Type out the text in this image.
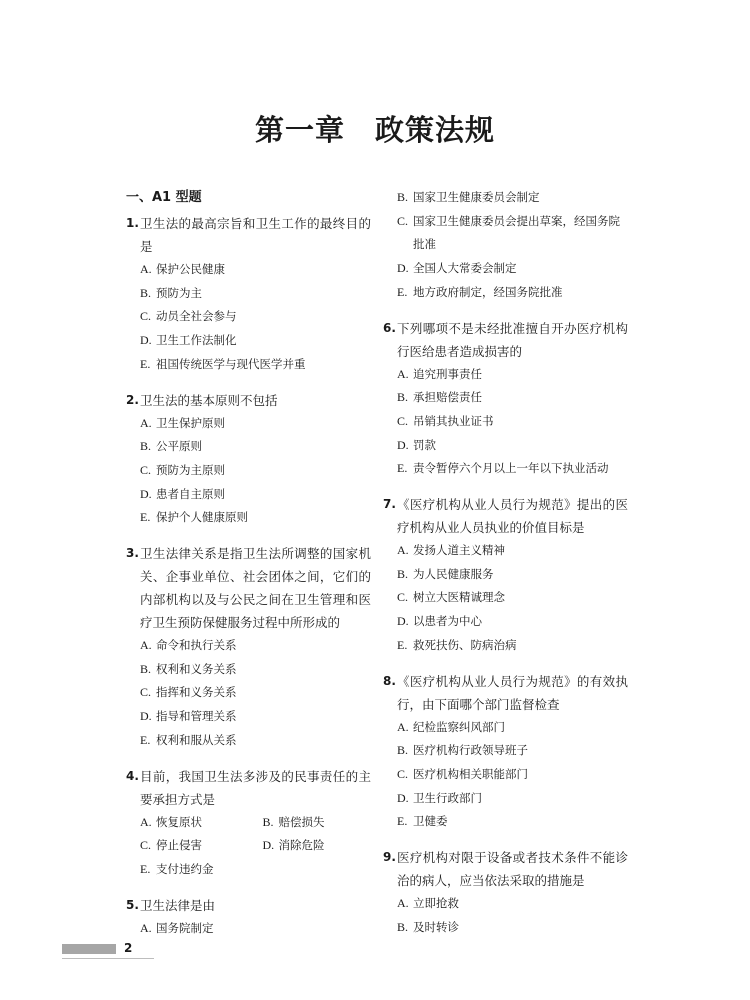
第一章　政策法规
一、A1 型题
1. 卫生法的最高宗旨和卫生工作的最终目的是
A. 保护公民健康
B. 预防为主
C. 动员全社会参与
D. 卫生工作法制化
E. 祖国传统医学与现代医学并重
2. 卫生法的基本原则不包括
A. 卫生保护原则
B. 公平原则
C. 预防为主原则
D. 患者自主原则
E. 保护个人健康原则
3. 卫生法律关系是指卫生法所调整的国家机关、企事业单位、社会团体之间，它们的内部机构以及与公民之间在卫生管理和医疗卫生预防保健服务过程中所形成的
A. 命令和执行关系
B. 权利和义务关系
C. 指挥和义务关系
D. 指导和管理关系
E. 权利和服从关系
4. 目前，我国卫生法多涉及的民事责任的主要承担方式是
A. 恢复原状	B. 赔偿损失
C. 停止侵害	D. 消除危险
E. 支付违约金
5. 卫生法律是由
A. 国务院制定
B. 国家卫生健康委员会制定
C. 国家卫生健康委员会提出草案，经国务院批准
D. 全国人大常委会制定
E. 地方政府制定，经国务院批准
6. 下列哪项不是未经批准擅自开办医疗机构行医给患者造成损害的
A. 追究刑事责任
B. 承担赔偿责任
C. 吊销其执业证书
D. 罚款
E. 责令暂停六个月以上一年以下执业活动
7. 《医疗机构从业人员行为规范》提出的医疗机构从业人员执业的价值目标是
A. 发扬人道主义精神
B. 为人民健康服务
C. 树立大医精诚理念
D. 以患者为中心
E. 救死扶伤、防病治病
8. 《医疗机构从业人员行为规范》的有效执行，由下面哪个部门监督检查
A. 纪检监察纠风部门
B. 医疗机构行政领导班子
C. 医疗机构相关职能部门
D. 卫生行政部门
E. 卫健委
9. 医疗机构对限于设备或者技术条件不能诊治的病人，应当依法采取的措施是
A. 立即抢救
B. 及时转诊
2
